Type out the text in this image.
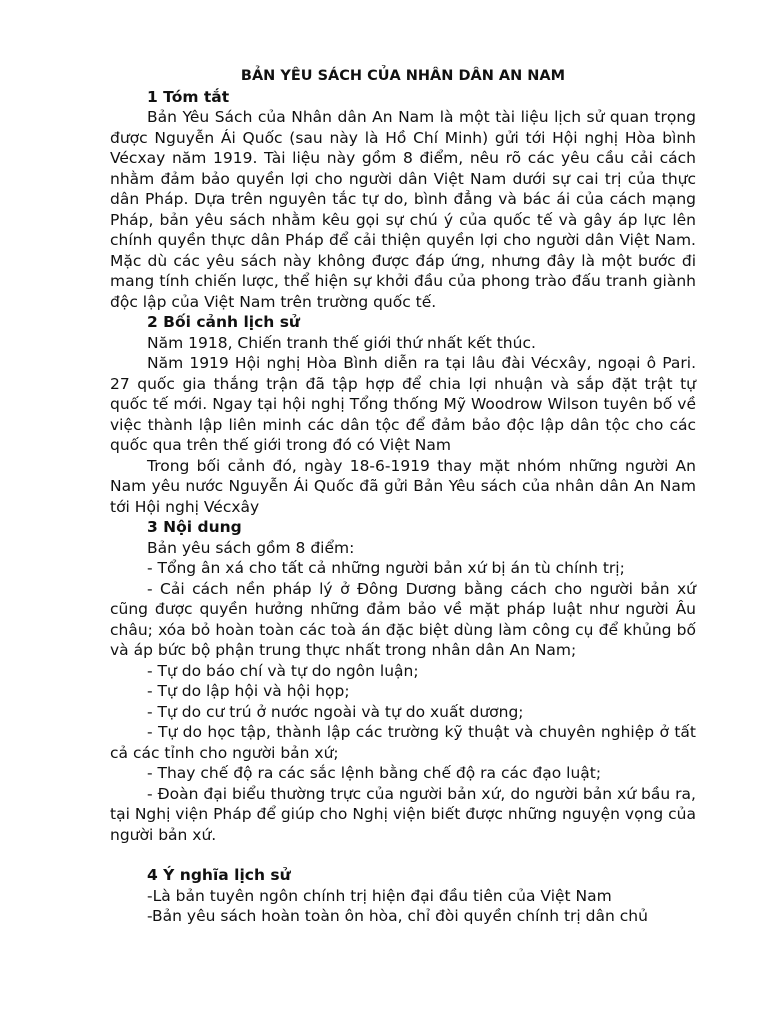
BẢN YÊU SÁCH CỦA NHÂN DÂN AN NAM

1 Tóm tắt

Bản Yêu Sách của Nhân dân An Nam là một tài liệu lịch sử quan trọng được Nguyễn Ái Quốc (sau này là Hồ Chí Minh) gửi tới Hội nghị Hòa bình Vécxay năm 1919. Tài liệu này gồm 8 điểm, nêu rõ các yêu cầu cải cách nhằm đảm bảo quyền lợi cho người dân Việt Nam dưới sự cai trị của thực dân Pháp. Dựa trên nguyên tắc tự do, bình đẳng và bác ái của cách mạng Pháp, bản yêu sách nhằm kêu gọi sự chú ý của quốc tế và gây áp lực lên chính quyền thực dân Pháp để cải thiện quyền lợi cho người dân Việt Nam. Mặc dù các yêu sách này không được đáp ứng, nhưng đây là một bước đi mang tính chiến lược, thể hiện sự khởi đầu của phong trào đấu tranh giành độc lập của Việt Nam trên trường quốc tế.

2 Bối cảnh lịch sử

Năm 1918, Chiến tranh thế giới thứ nhất kết thúc.

Năm 1919 Hội nghị Hòa Bình diễn ra tại lâu đài Vécxây, ngoại ô Pari. 27 quốc gia thắng trận đã tập hợp để chia lợi nhuận và sắp đặt trật tự quốc tế mới. Ngay tại hội nghị Tổng thống Mỹ Woodrow Wilson tuyên bố về việc thành lập liên minh các dân tộc để đảm bảo độc lập dân tộc cho các quốc qua trên thế giới trong đó có Việt Nam

Trong bối cảnh đó, ngày 18-6-1919 thay mặt nhóm những người An Nam yêu nước Nguyễn Ái Quốc đã gửi Bản Yêu sách của nhân dân An Nam tới Hội nghị Vécxây

3 Nội dung

Bản yêu sách gồm 8 điểm:

- Tổng ân xá cho tất cả những người bản xứ bị án tù chính trị;

- Cải cách nền pháp lý ở Đông Dương bằng cách cho người bản xứ cũng được quyền hưởng những đảm bảo về mặt pháp luật như người Âu châu; xóa bỏ hoàn toàn các toà án đặc biệt dùng làm công cụ để khủng bố và áp bức bộ phận trung thực nhất trong nhân dân An Nam;

- Tự do báo chí và tự do ngôn luận;

- Tự do lập hội và hội họp;

- Tự do cư trú ở nước ngoài và tự do xuất dương;

- Tự do học tập, thành lập các trường kỹ thuật và chuyên nghiệp ở tất cả các tỉnh cho người bản xứ;

- Thay chế độ ra các sắc lệnh bằng chế độ ra các đạo luật;

- Đoàn đại biểu thường trực của người bản xứ, do người bản xứ bầu ra, tại Nghị viện Pháp để giúp cho Nghị viện biết được những nguyện vọng của người bản xứ.

4 Ý nghĩa lịch sử

-Là bản tuyên ngôn chính trị hiện đại đầu tiên của Việt Nam

-Bản yêu sách hoàn toàn ôn hòa, chỉ đòi quyền chính trị dân chủ
